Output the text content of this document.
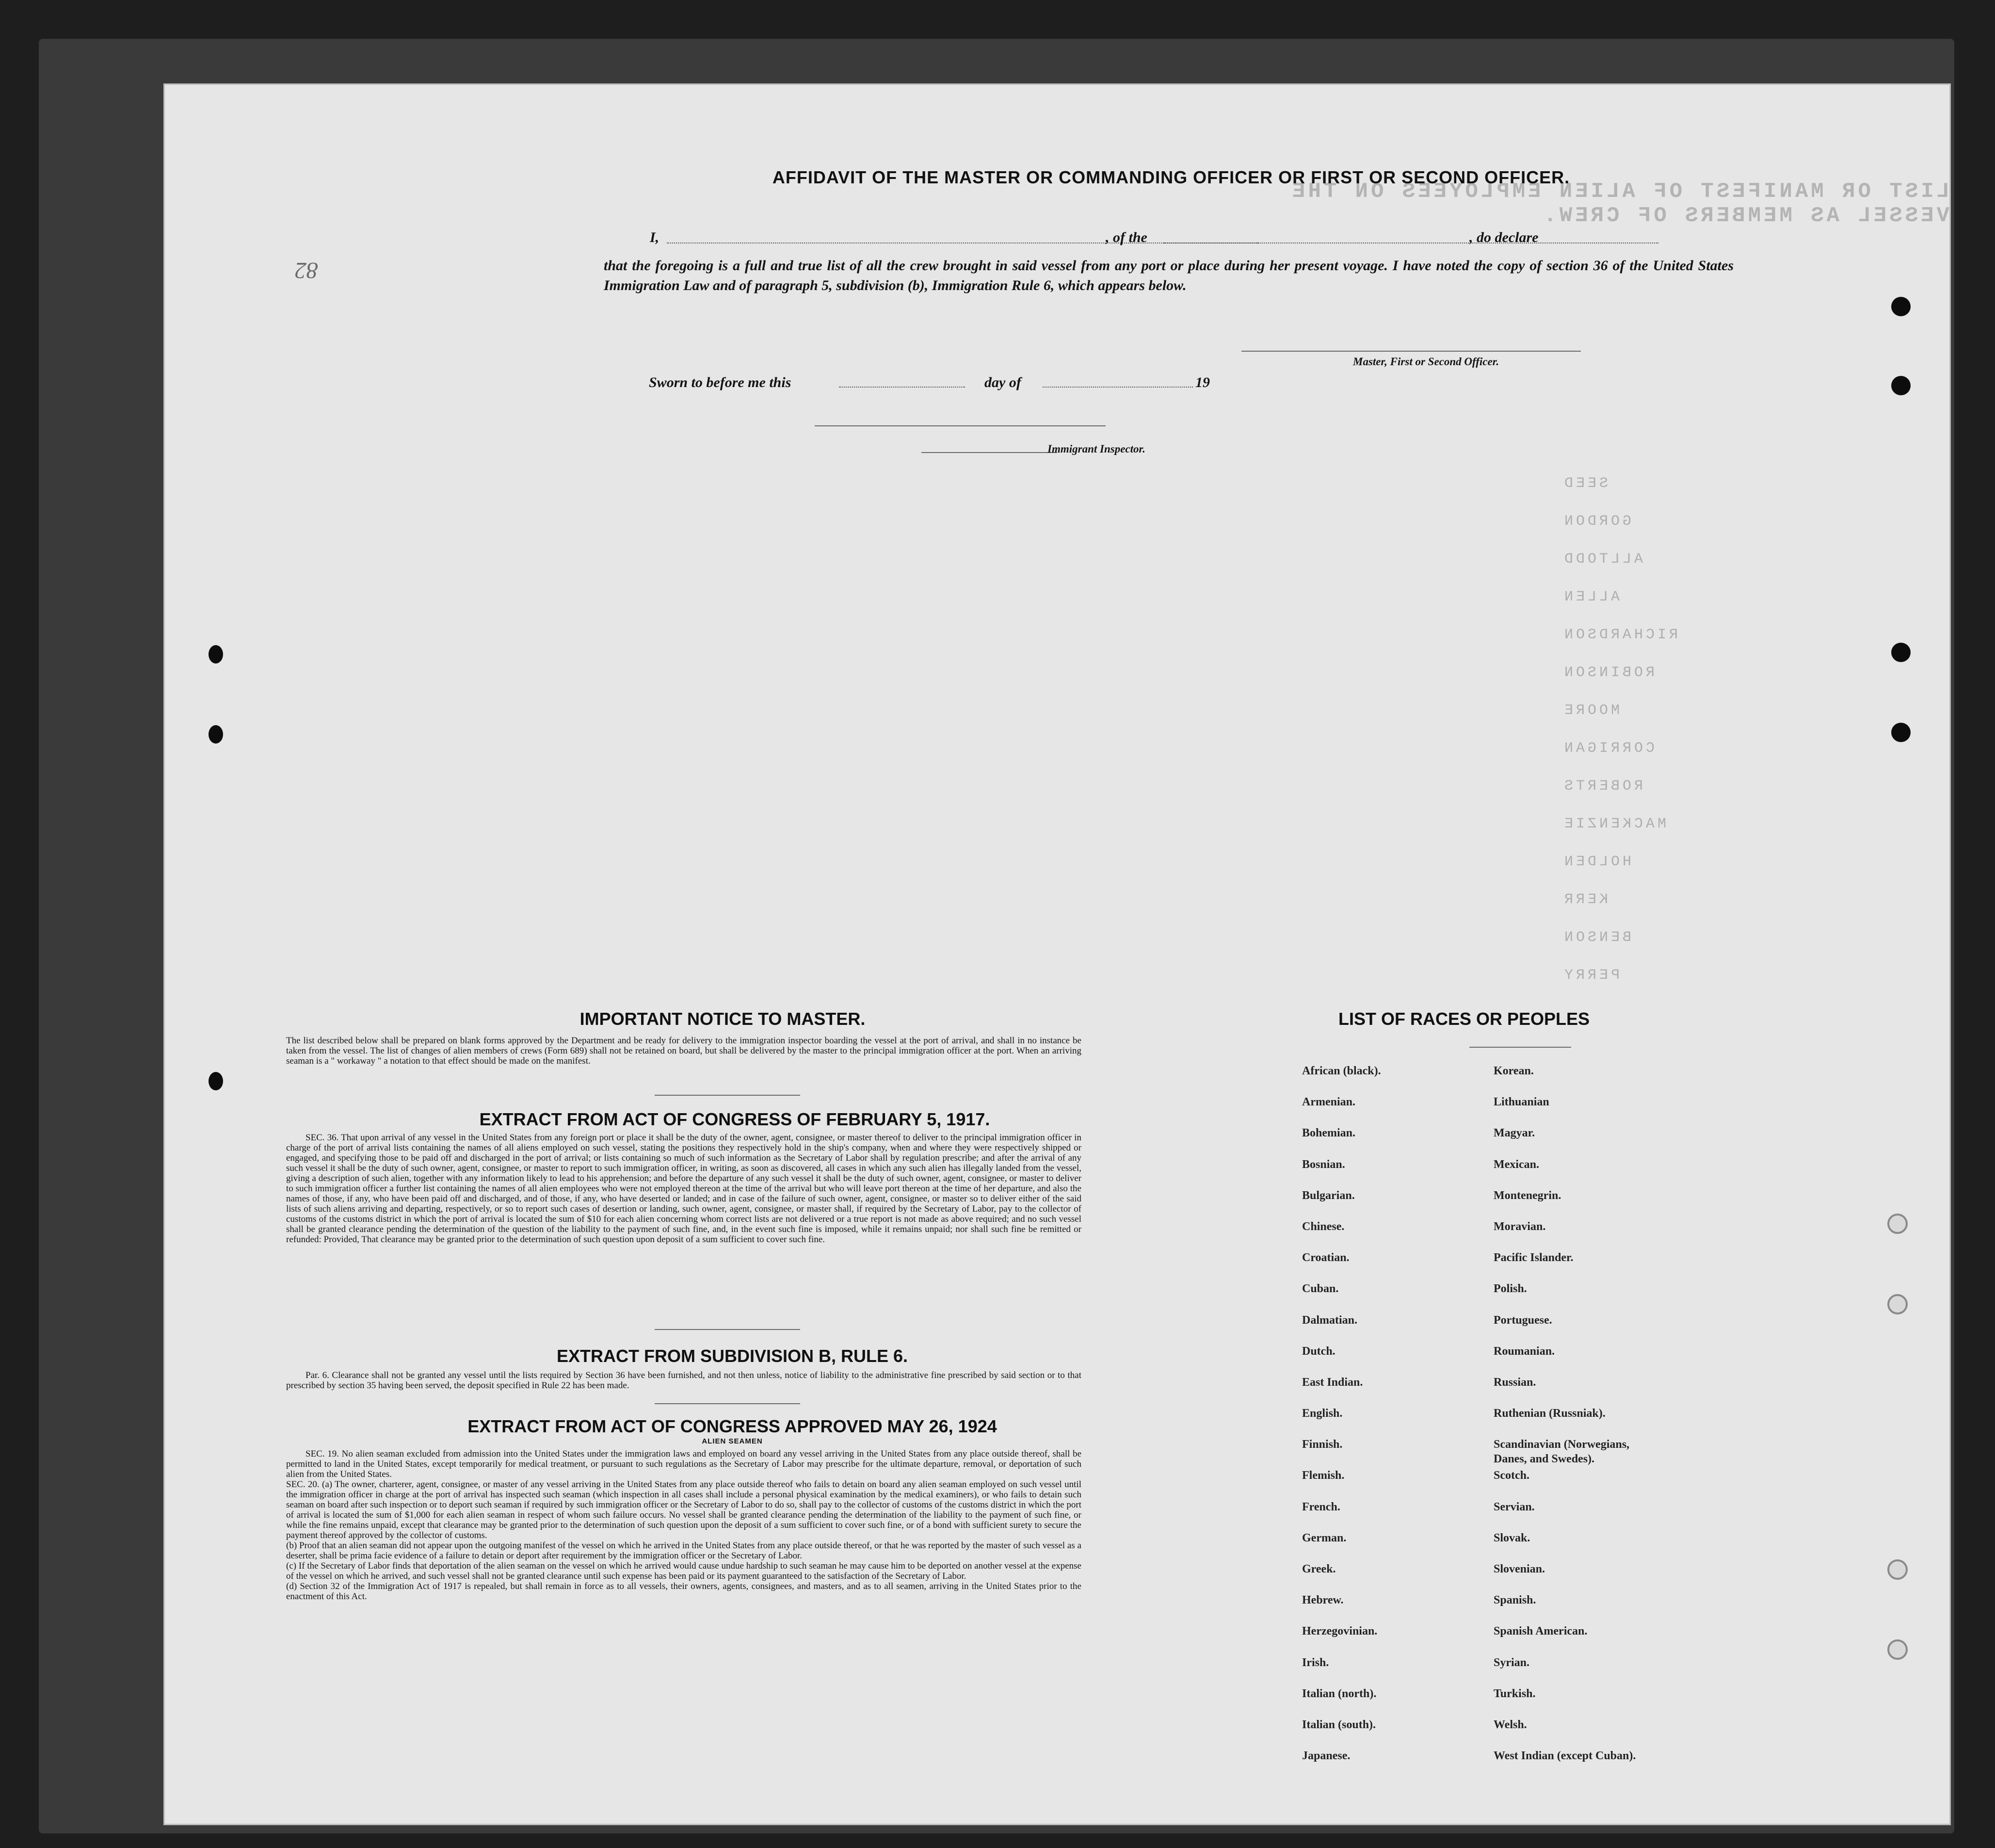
LIST OR MANIFEST OF ALIEN EMPLOYEES ON THE VESSEL AS MEMBERS OF CREW.
SEED
GORDON
ALLTODD
ALLEN
RICHARDSON
ROBINSON
MOORE
CORRIGAN
ROBERTS
MACKENZIE
HOLDEN
KERR
BENSON
PERRY
82
AFFIDAVIT OF THE MASTER OR COMMANDING OFFICER OR FIRST OR SECOND OFFICER.
I,	, of the	, do declare
that the foregoing is a full and true list of all the crew brought in said vessel from any port or place during her present voyage. I have noted the copy of section 36 of the United States Immigration Law and of paragraph 5, subdivision (b), Immigration Rule 6, which appears below.
Master, First or Second Officer.
Sworn to before me this	day of	19
Immigrant Inspector.
IMPORTANT NOTICE TO MASTER.
The list described below shall be prepared on blank forms approved by the Department and be ready for delivery to the immigration inspector boarding the vessel at the port of arrival, and shall in no instance be taken from the vessel. The list of changes of alien members of crews (Form 689) shall not be retained on board, but shall be delivered by the master to the principal immigration officer at the port. When an arriving seaman is a " workaway " a notation to that effect should be made on the manifest.
EXTRACT FROM ACT OF CONGRESS OF FEBRUARY 5, 1917.
SEC. 36. That upon arrival of any vessel in the United States from any foreign port or place it shall be the duty of the owner, agent, consignee, or master thereof to deliver to the principal immigration officer in charge of the port of arrival lists containing the names of all aliens employed on such vessel, stating the positions they respectively hold in the ship's company, when and where they were respectively shipped or engaged, and specifying those to be paid off and discharged in the port of arrival; or lists containing so much of such information as the Secretary of Labor shall by regulation prescribe; and after the arrival of any such vessel it shall be the duty of such owner, agent, consignee, or master to report to such immigration officer, in writing, as soon as discovered, all cases in which any such alien has illegally landed from the vessel, giving a description of such alien, together with any information likely to lead to his apprehension; and before the departure of any such vessel it shall be the duty of such owner, agent, consignee, or master to deliver to such immigration officer a further list containing the names of all alien employees who were not employed thereon at the time of the arrival but who will leave port thereon at the time of her departure, and also the names of those, if any, who have been paid off and discharged, and of those, if any, who have deserted or landed; and in case of the failure of such owner, agent, consignee, or master so to deliver either of the said lists of such aliens arriving and departing, respectively, or so to report such cases of desertion or landing, such owner, agent, consignee, or master shall, if required by the Secretary of Labor, pay to the collector of customs of the customs district in which the port of arrival is located the sum of $10 for each alien concerning whom correct lists are not delivered or a true report is not made as above required; and no such vessel shall be granted clearance pending the determination of the question of the liability to the payment of such fine, and, in the event such fine is imposed, while it remains unpaid; nor shall such fine be remitted or refunded: Provided, That clearance may be granted prior to the determination of such question upon deposit of a sum sufficient to cover such fine.
EXTRACT FROM SUBDIVISION B, RULE 6.
Par. 6. Clearance shall not be granted any vessel until the lists required by Section 36 have been furnished, and not then unless, notice of liability to the administrative fine prescribed by said section or to that prescribed by section 35 having been served, the deposit specified in Rule 22 has been made.
EXTRACT FROM ACT OF CONGRESS APPROVED MAY 26, 1924
ALIEN SEAMEN
SEC. 19. No alien seaman excluded from admission into the United States under the immigration laws and employed on board any vessel arriving in the United States from any place outside thereof, shall be permitted to land in the United States, except temporarily for medical treatment, or pursuant to such regulations as the Secretary of Labor may prescribe for the ultimate departure, removal, or deportation of such alien from the United States.
SEC. 20. (a) The owner, charterer, agent, consignee, or master of any vessel arriving in the United States from any place outside thereof who fails to detain on board any alien seaman employed on such vessel until the immigration officer in charge at the port of arrival has inspected such seaman (which inspection in all cases shall include a personal physical examination by the medical examiners), or who fails to detain such seaman on board after such inspection or to deport such seaman if required by such immigration officer or the Secretary of Labor to do so, shall pay to the collector of customs of the customs district in which the port of arrival is located the sum of $1,000 for each alien seaman in respect of whom such failure occurs. No vessel shall be granted clearance pending the determination of the liability to the payment of such fine, or while the fine remains unpaid, except that clearance may be granted prior to the determination of such question upon the deposit of a sum sufficient to cover such fine, or of a bond with sufficient surety to secure the payment thereof approved by the collector of customs.
(b) Proof that an alien seaman did not appear upon the outgoing manifest of the vessel on which he arrived in the United States from any place outside thereof, or that he was reported by the master of such vessel as a deserter, shall be prima facie evidence of a failure to detain or deport after requirement by the immigration officer or the Secretary of Labor.
(c) If the Secretary of Labor finds that deportation of the alien seaman on the vessel on which he arrived would cause undue hardship to such seaman he may cause him to be deported on another vessel at the expense of the vessel on which he arrived, and such vessel shall not be granted clearance until such expense has been paid or its payment guaranteed to the satisfaction of the Secretary of Labor.
(d) Section 32 of the Immigration Act of 1917 is repealed, but shall remain in force as to all vessels, their owners, agents, consignees, and masters, and as to all seamen, arriving in the United States prior to the enactment of this Act.
LIST OF RACES OR PEOPLES
African (black).
Armenian.
Bohemian.
Bosnian.
Bulgarian.
Chinese.
Croatian.
Cuban.
Dalmatian.
Dutch.
East Indian.
English.
Finnish.
Flemish.
French.
German.
Greek.
Hebrew.
Herzegovinian.
Irish.
Italian (north).
Italian (south).
Japanese.
Korean.
Lithuanian
Magyar.
Mexican.
Montenegrin.
Moravian.
Pacific Islander.
Polish.
Portuguese.
Roumanian.
Russian.
Ruthenian (Russniak).
Scandinavian (Norwegians,
Danes, and Swedes).
Scotch.
Servian.
Slovak.
Slovenian.
Spanish.
Spanish American.
Syrian.
Turkish.
Welsh.
West Indian (except Cuban).
